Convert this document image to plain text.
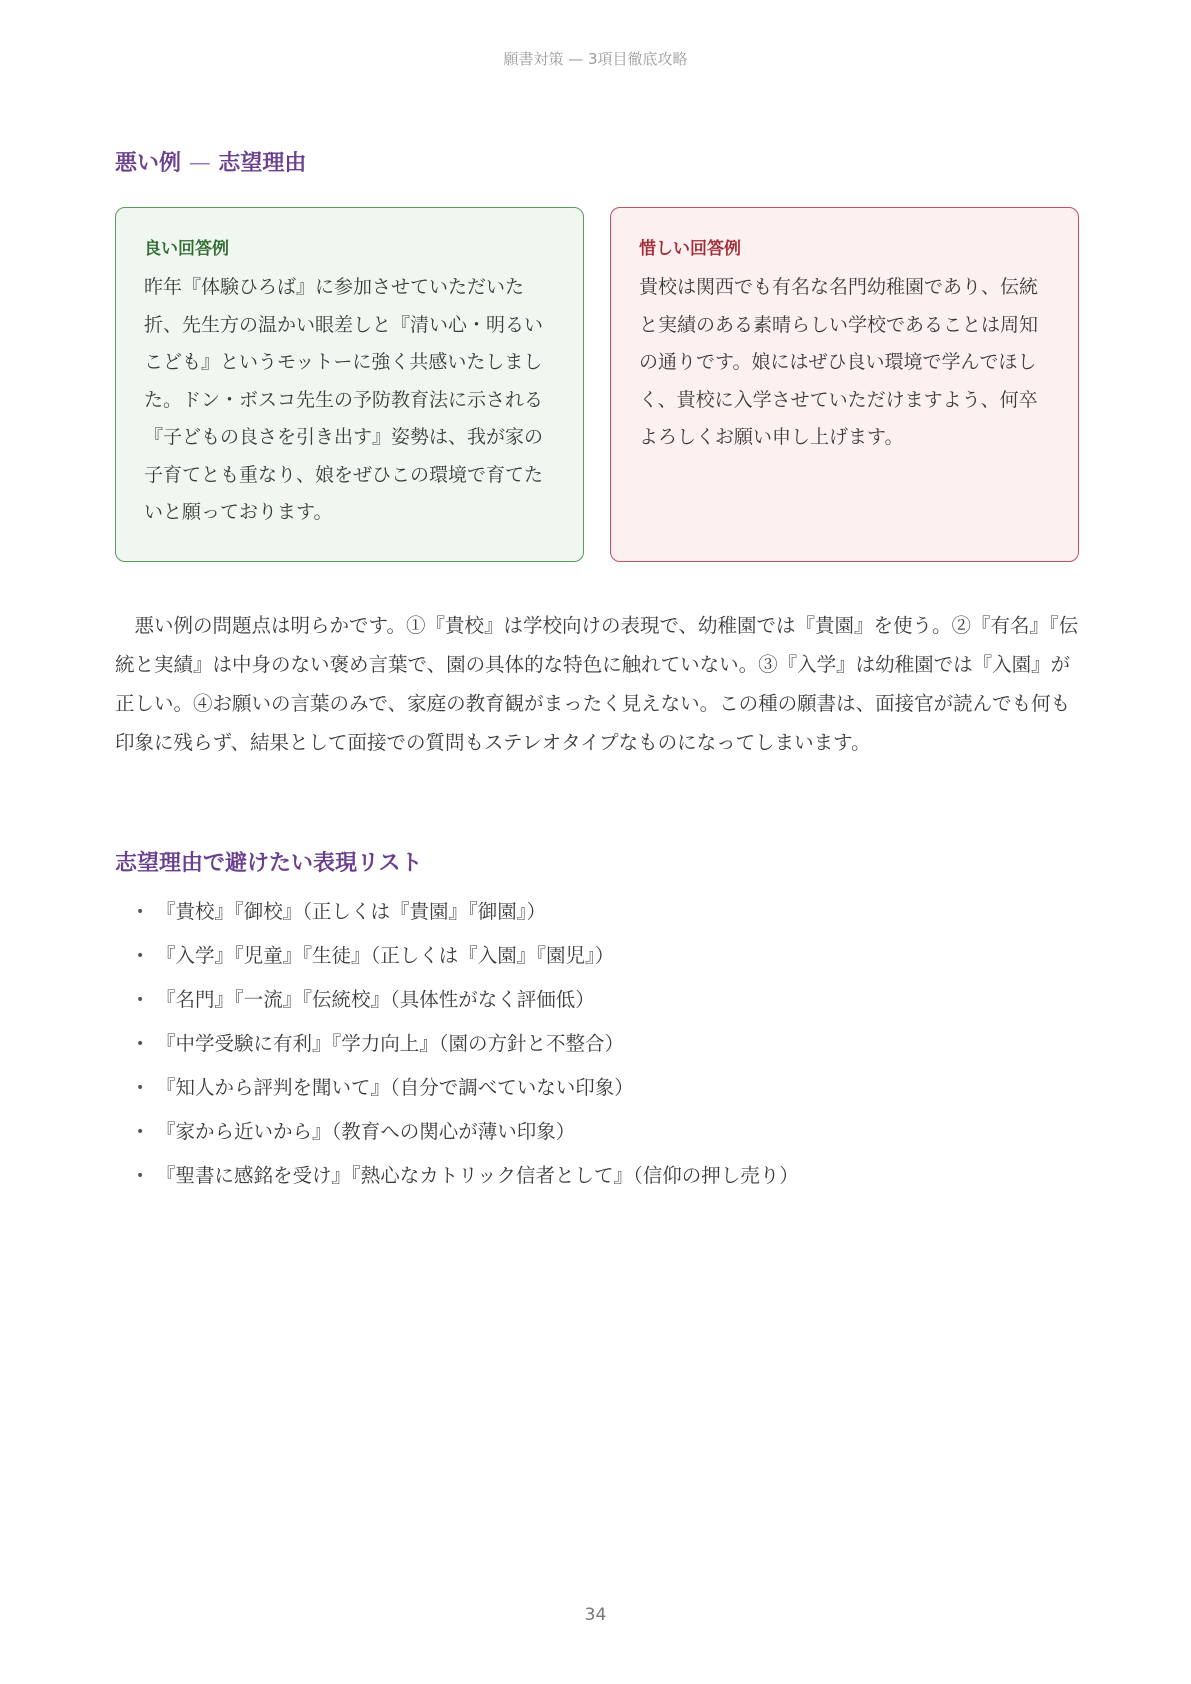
願書対策 — 3項目徹底攻略
悪い例 — 志望理由

良い回答例

昨年『体験ひろば』に参加させていただいた折、先生方の温かい眼差しと『清い心・明るいこども』というモットーに強く共感いたしました。ドン・ボスコ先生の予防教育法に示される『子どもの良さを引き出す』姿勢は、我が家の子育てとも重なり、娘をぜひこの環境で育てたいと願っております。

惜しい回答例

貴校は関西でも有名な名門幼稚園であり、伝統と実績のある素晴らしい学校であることは周知の通りです。娘にはぜひ良い環境で学んでほしく、貴校に入学させていただけますよう、何卒よろしくお願い申し上げます。

悪い例の問題点は明らかです。①『貴校』は学校向けの表現で、幼稚園では『貴園』を使う。②『有名』『伝統と実績』は中身のない褒め言葉で、園の具体的な特色に触れていない。③『入学』は幼稚園では『入園』が正しい。④お願いの言葉のみで、家庭の教育観がまったく見えない。この種の願書は、面接官が読んでも何も印象に残らず、結果として面接での質問もステレオタイプなものになってしまいます。

志望理由で避けたい表現リスト
• 『貴校』『御校』（正しくは『貴園』『御園』）
• 『入学』『児童』『生徒』（正しくは『入園』『園児』）
• 『名門』『一流』『伝統校』（具体性がなく評価低）
• 『中学受験に有利』『学力向上』（園の方針と不整合）
• 『知人から評判を聞いて』（自分で調べていない印象）
• 『家から近いから』（教育への関心が薄い印象）
• 『聖書に感銘を受け』『熱心なカトリック信者として』（信仰の押し売り）
34
